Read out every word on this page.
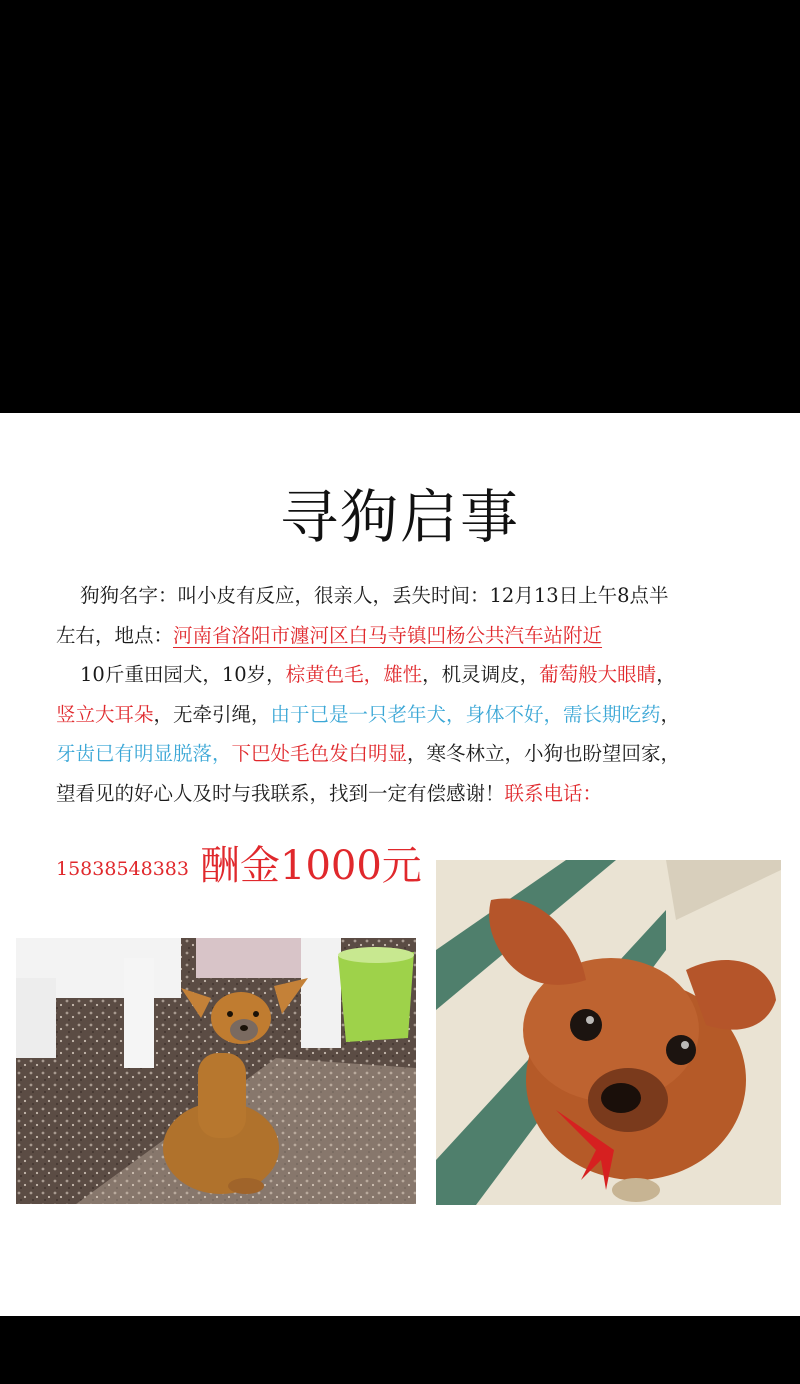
寻狗启事
狗狗名字：叫小皮有反应，很亲人，丢失时间：12月13日上午8点半
左右，地点：河南省洛阳市瀍河区白马寺镇凹杨公共汽车站附近
10斤重田园犬，10岁，棕黄色毛，雄性，机灵调皮，葡萄般大眼睛，
竖立大耳朵，无牵引绳，由于已是一只老年犬，身体不好，需长期吃药，
牙齿已有明显脱落，下巴处毛色发白明显，寒冬林立，小狗也盼望回家，
望看见的好心人及时与我联系，找到一定有偿感谢！联系电话：
15838548383 酬金1000元
